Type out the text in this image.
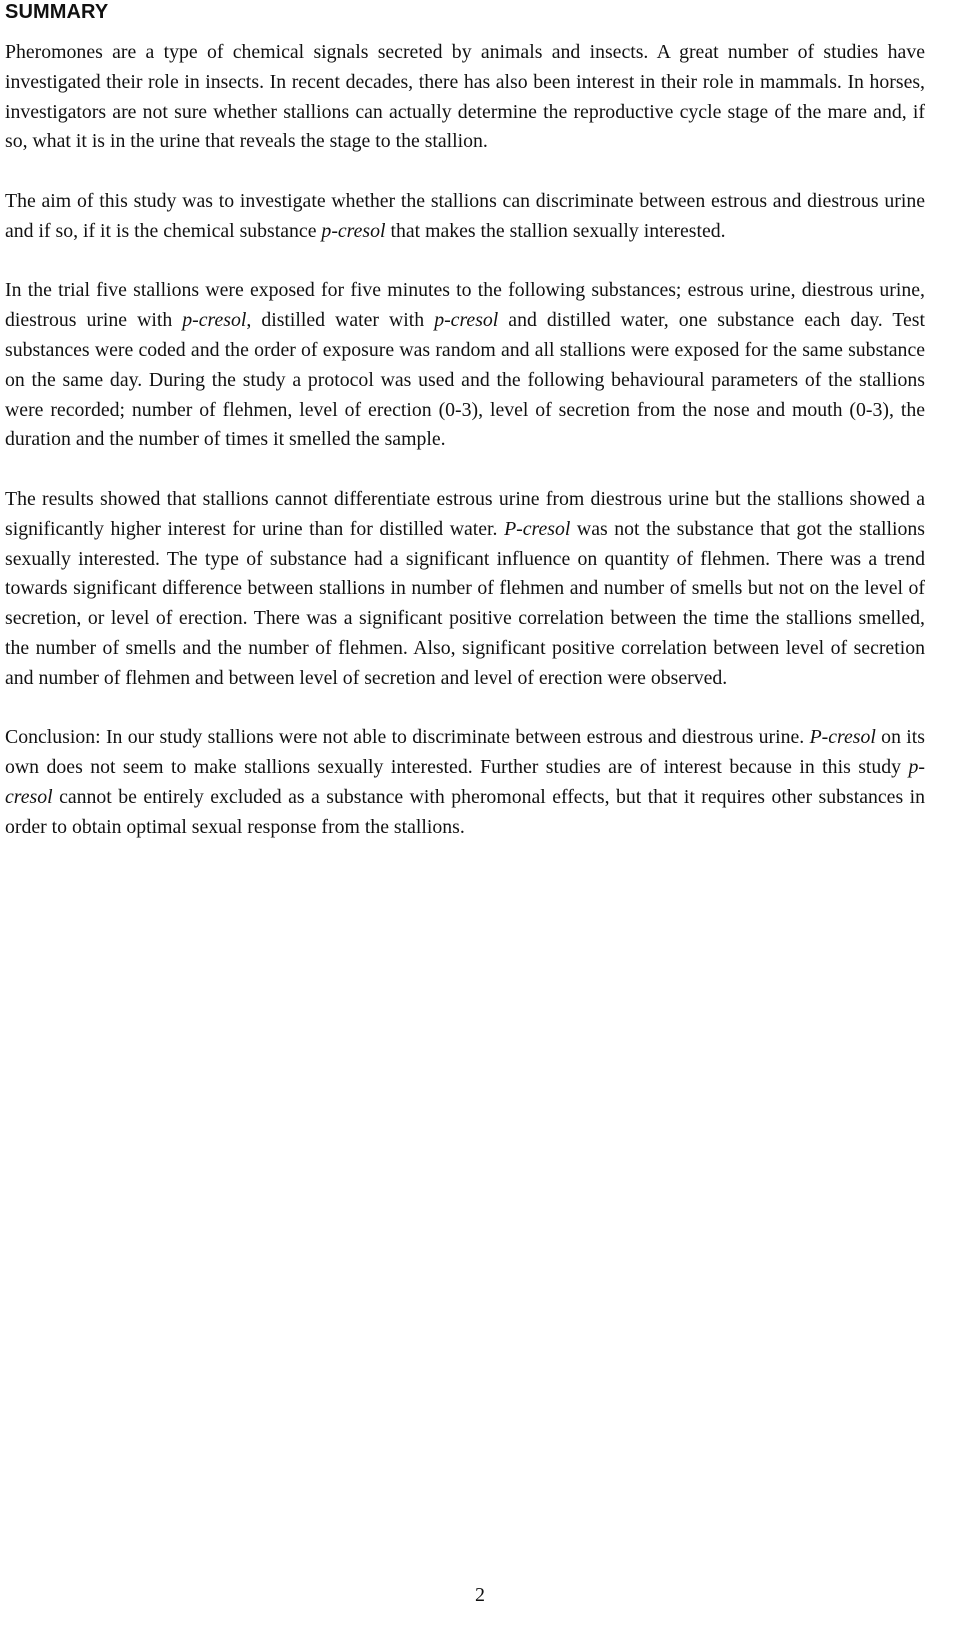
SUMMARY

Pheromones are a type of chemical signals secreted by animals and insects. A great number of studies have investigated their role in insects. In recent decades, there has also been interest in their role in mammals. In horses, investigators are not sure whether stallions can actually determine the reproductive cycle stage of the mare and, if so, what it is in the urine that reveals the stage to the stallion.

The aim of this study was to investigate whether the stallions can discriminate between estrous and diestrous urine and if so, if it is the chemical substance p-cresol that makes the stallion sexually interested.

In the trial five stallions were exposed for five minutes to the following substances; estrous urine, diestrous urine, diestrous urine with p-cresol, distilled water with p-cresol and distilled water, one substance each day. Test substances were coded and the order of exposure was random and all stallions were exposed for the same substance on the same day. During the study a protocol was used and the following behavioural parameters of the stallions were recorded; number of flehmen, level of erection (0-3), level of secretion from the nose and mouth (0-3), the duration and the number of times it smelled the sample.

The results showed that stallions cannot differentiate estrous urine from diestrous urine but the stallions showed a significantly higher interest for urine than for distilled water. P-cresol was not the substance that got the stallions sexually interested. The type of substance had a significant influence on quantity of flehmen. There was a trend towards significant difference between stallions in number of flehmen and number of smells but not on the level of secretion, or level of erection. There was a significant positive correlation between the time the stallions smelled, the number of smells and the number of flehmen. Also, significant positive correlation between level of secretion and number of flehmen and between level of secretion and level of erection were observed.

Conclusion: In our study stallions were not able to discriminate between estrous and diestrous urine. P-cresol on its own does not seem to make stallions sexually interested. Further studies are of interest because in this study p-cresol cannot be entirely excluded as a substance with pheromonal effects, but that it requires other substances in order to obtain optimal sexual response from the stallions.

2
